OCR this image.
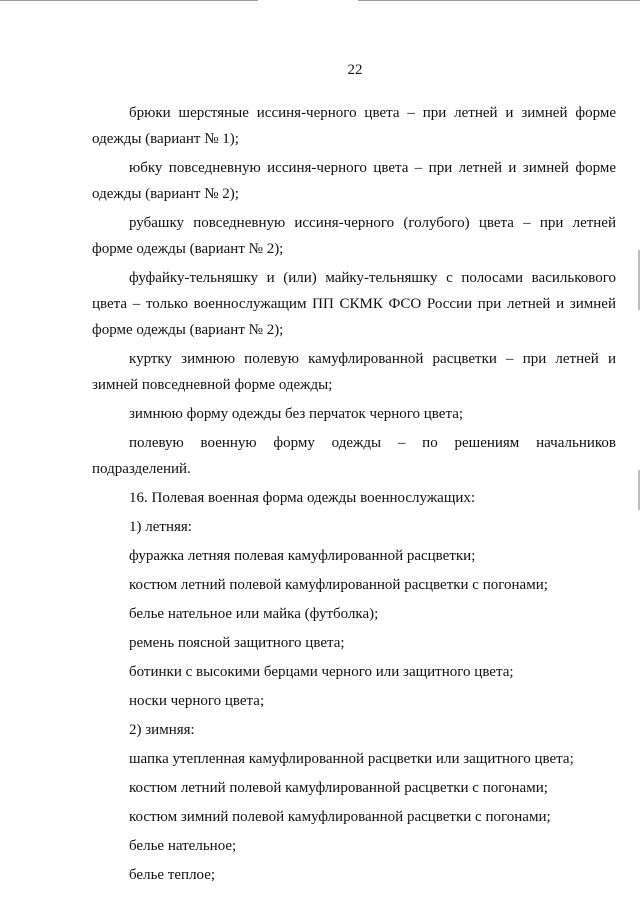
22

брюки шерстяные иссиня-черного цвета – при летней и зимней форме одежды (вариант № 1);

юбку повседневную иссиня-черного цвета – при летней и зимней форме одежды (вариант № 2);

рубашку повседневную иссиня-черного (голубого) цвета – при летней форме одежды (вариант № 2);

фуфайку-тельняшку и (или) майку-тельняшку с полосами василькового цвета – только военнослужащим ПП СКМК ФСО России при летней и зимней форме одежды (вариант № 2);

куртку зимнюю полевую камуфлированной расцветки – при летней и зимней повседневной форме одежды;

зимнюю форму одежды без перчаток черного цвета;

полевую военную форму одежды – по решениям начальников подразделений.

16. Полевая военная форма одежды военнослужащих:
1) летняя:
фуражка летняя полевая камуфлированной расцветки;
костюм летний полевой камуфлированной расцветки с погонами;
белье нательное или майка (футболка);
ремень поясной защитного цвета;
ботинки с высокими берцами черного или защитного цвета;
носки черного цвета;
2) зимняя:
шапка утепленная камуфлированной расцветки или защитного цвета;
костюм летний полевой камуфлированной расцветки с погонами;
костюм зимний полевой камуфлированной расцветки с погонами;
белье нательное;
белье теплое;
